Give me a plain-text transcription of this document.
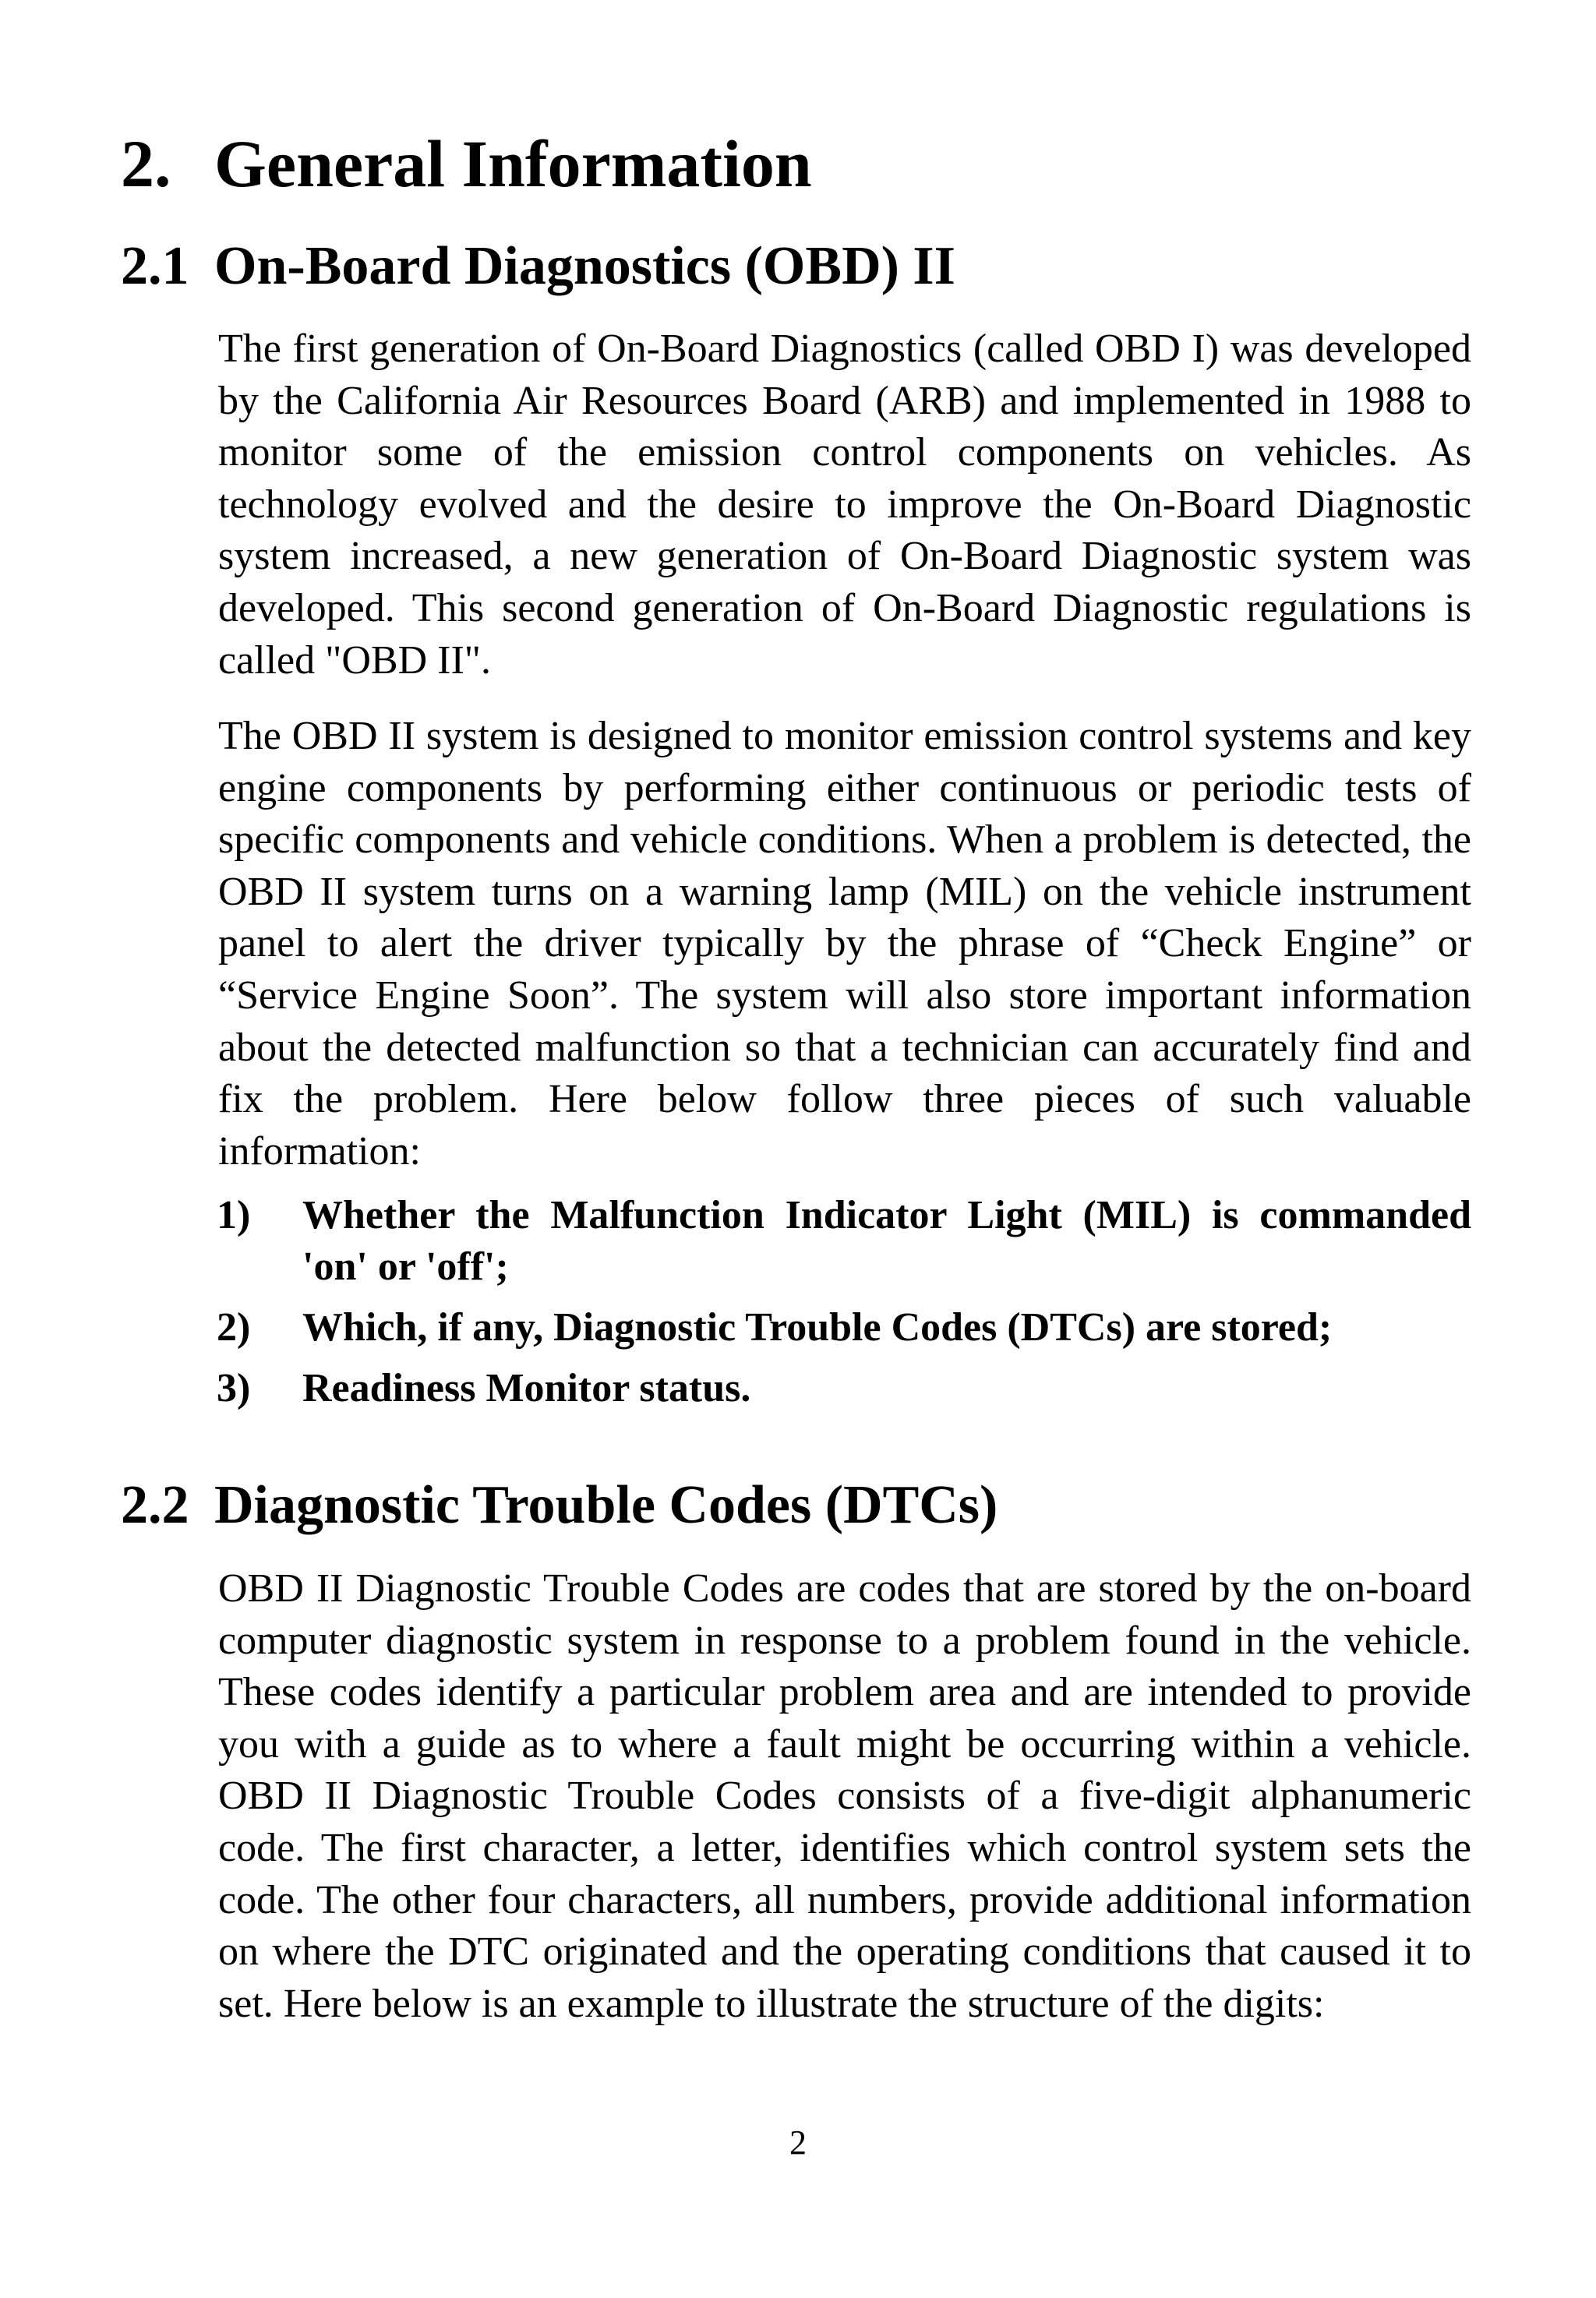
2. General Information
2.1 On-Board Diagnostics (OBD) II

The first generation of On-Board Diagnostics (called OBD I) was developed by the California Air Resources Board (ARB) and implemented in 1988 to monitor some of the emission control components on vehicles. As technology evolved and the desire to improve the On-Board Diagnostic system increased, a new generation of On-Board Diagnostic system was developed. This second generation of On-Board Diagnostic regulations is called "OBD II".

The OBD II system is designed to monitor emission control systems and key engine components by performing either continuous or periodic tests of specific components and vehicle conditions. When a problem is detected, the OBD II system turns on a warning lamp (MIL) on the vehicle instrument panel to alert the driver typically by the phrase of “Check Engine” or “Service Engine Soon”. The system will also store important information about the detected malfunction so that a technician can accurately find and fix the problem. Here below follow three pieces of such valuable information:

1) Whether the Malfunction Indicator Light (MIL) is commanded 'on' or 'off';
2) Which, if any, Diagnostic Trouble Codes (DTCs) are stored;
3) Readiness Monitor status.
2.2 Diagnostic Trouble Codes (DTCs)

OBD II Diagnostic Trouble Codes are codes that are stored by the on-board computer diagnostic system in response to a problem found in the vehicle. These codes identify a particular problem area and are intended to provide you with a guide as to where a fault might be occurring within a vehicle. OBD II Diagnostic Trouble Codes consists of a five-digit alphanumeric code. The first character, a letter, identifies which control system sets the code. The other four characters, all numbers, provide additional information on where the DTC originated and the operating conditions that caused it to set. Here below is an example to illustrate the structure of the digits:

2
